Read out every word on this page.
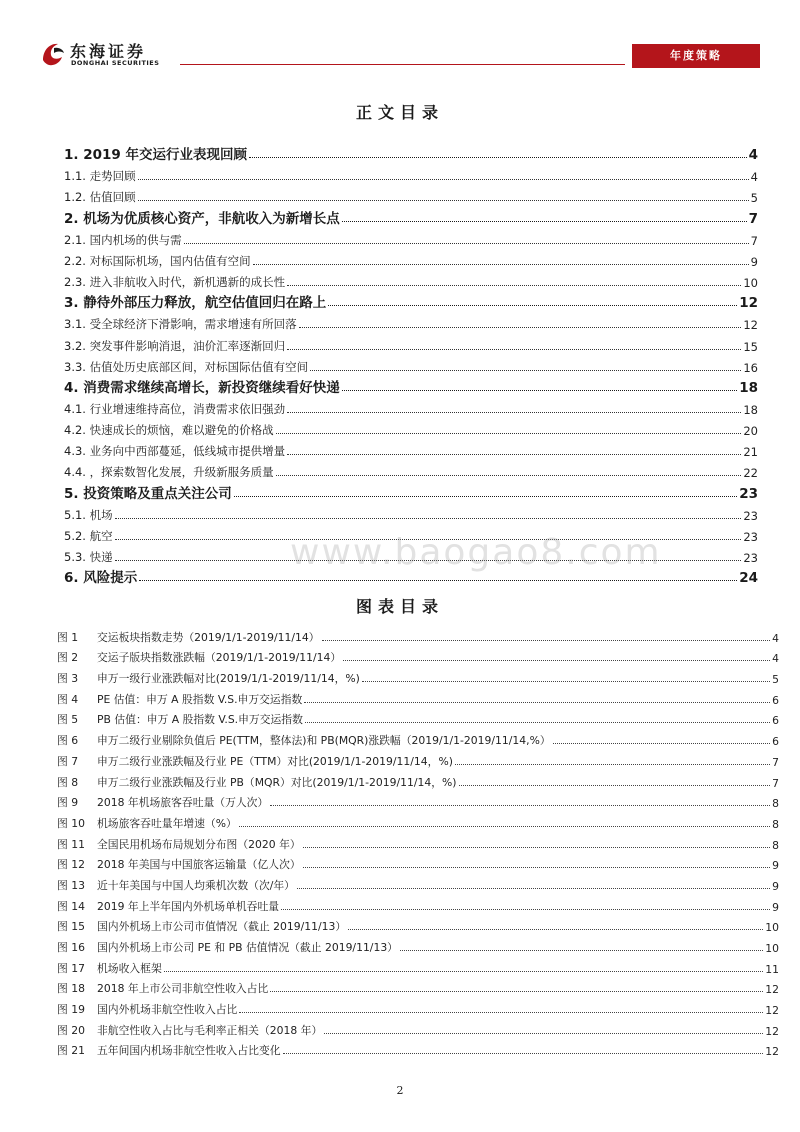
东海证券
DONGHAI SECURITIES
年度策略
正文目录
1. 2019 年交运行业表现回顾	4
1.1. 走势回顾	4
1.2. 估值回顾	5
2. 机场为优质核心资产，非航收入为新增长点	7
2.1. 国内机场的供与需	7
2.2. 对标国际机场，国内估值有空间	9
2.3. 进入非航收入时代，新机遇新的成长性	10
3. 静待外部压力释放，航空估值回归在路上	12
3.1. 受全球经济下滑影响，需求增速有所回落	12
3.2. 突发事件影响消退，油价汇率逐渐回归	15
3.3. 估值处历史底部区间，对标国际估值有空间	16
4. 消费需求继续高增长，新投资继续看好快递	18
4.1. 行业增速维持高位，消费需求依旧强劲	18
4.2. 快速成长的烦恼，难以避免的价格战	20
4.3. 业务向中西部蔓延，低线城市提供增量	21
4.4. ，探索数智化发展，升级新服务质量	22
5. 投资策略及重点关注公司	23
5.1. 机场	23
5.2. 航空	23
5.3. 快递	23
6. 风险提示	24
www.baogao8.com
图表目录
图 1	交运板块指数走势（2019/1/1-2019/11/14）	4
图 2	交运子版块指数涨跌幅（2019/1/1-2019/11/14）	4
图 3	申万一级行业涨跌幅对比(2019/1/1-2019/11/14，%)	5
图 4	PE 估值：申万 A 股指数 V.S.申万交运指数	6
图 5	PB 估值：申万 A 股指数 V.S.申万交运指数	6
图 6	申万二级行业剔除负值后 PE(TTM，整体法)和 PB(MQR)涨跌幅（2019/1/1-2019/11/14,%）	6
图 7	申万二级行业涨跌幅及行业 PE（TTM）对比(2019/1/1-2019/11/14，%)	7
图 8	申万二级行业涨跌幅及行业 PB（MQR）对比(2019/1/1-2019/11/14，%)	7
图 9	2018 年机场旅客吞吐量（万人次）	8
图 10	机场旅客吞吐量年增速（%）	8
图 11	全国民用机场布局规划分布图（2020 年）	8
图 12	2018 年美国与中国旅客运输量（亿人次）	9
图 13	近十年美国与中国人均乘机次数（次/年）	9
图 14	2019 年上半年国内外机场单机吞吐量	9
图 15	国内外机场上市公司市值情况（截止 2019/11/13）	10
图 16	国内外机场上市公司 PE 和 PB 估值情况（截止 2019/11/13）	10
图 17	机场收入框架	11
图 18	2018 年上市公司非航空性收入占比	12
图 19	国内外机场非航空性收入占比	12
图 20	非航空性收入占比与毛利率正相关（2018 年）	12
图 21	五年间国内机场非航空性收入占比变化	12
2
